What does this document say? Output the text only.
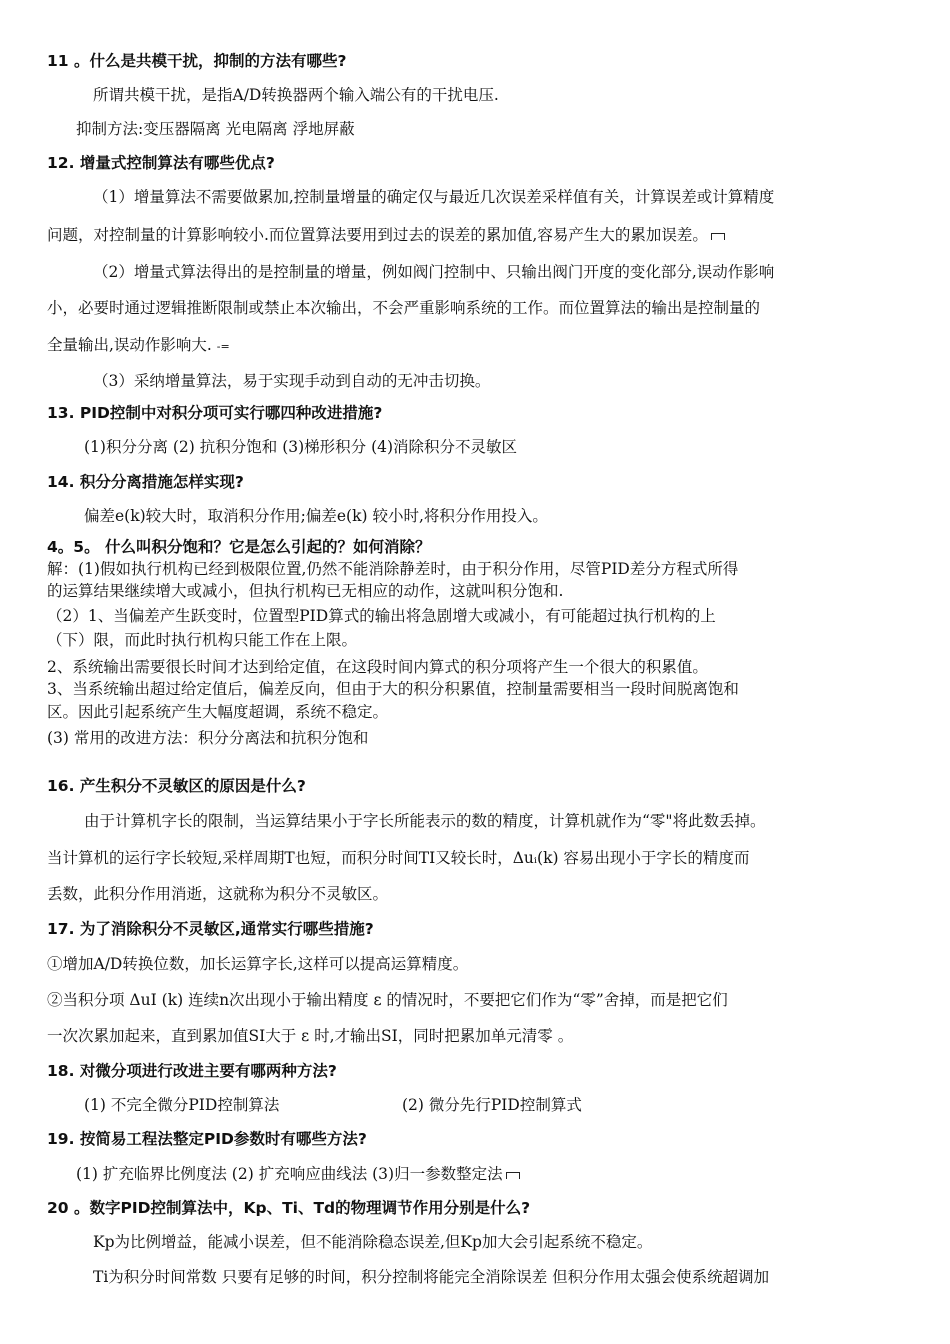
11 。什么是共模干扰，抑制的方法有哪些?
所谓共模干扰，是指A/D转换器两个输入端公有的干扰电压.
抑制方法:变压器隔离 光电隔离 浮地屏蔽
12. 增量式控制算法有哪些优点?
（1）增量算法不需要做累加,控制量增量的确定仅与最近几次误差采样值有关，计算误差或计算精度
问题，对控制量的计算影响较小.而位置算法要用到过去的误差的累加值,容易产生大的累加误差。
（2）增量式算法得出的是控制量的增量，例如阀门控制中、只输出阀门开度的变化部分,误动作影响
小，必要时通过逻辑推断限制或禁止本次输出，不会严重影响系统的工作。而位置算法的输出是控制量的
全量输出,误动作影响大. -=
（3）采纳增量算法，易于实现手动到自动的无冲击切换。
13. PID控制中对积分项可实行哪四种改进措施?
(1)积分分离 (2) 抗积分饱和 (3)梯形积分 (4)消除积分不灵敏区
14. 积分分离措施怎样实现?
偏差e(k)较大时，取消积分作用;偏差e(k) 较小时,将积分作用投入。
4。5。 什么叫积分饱和？它是怎么引起的？如何消除？
解：(1)假如执行机构已经到极限位置,仍然不能消除静差时，由于积分作用，尽管PID差分方程式所得
的运算结果继续增大或减小，但执行机构已无相应的动作，这就叫积分饱和.
（2）1、当偏差产生跃变时，位置型PID算式的输出将急剧增大或减小，有可能超过执行机构的上
（下）限，而此时执行机构只能工作在上限。
2、系统输出需要很长时间才达到给定值，在这段时间内算式的积分项将产生一个很大的积累值。
3、当系统输出超过给定值后，偏差反向，但由于大的积分积累值，控制量需要相当一段时间脱离饱和
区。因此引起系统产生大幅度超调，系统不稳定。
(3) 常用的改进方法：积分分离法和抗积分饱和
16. 产生积分不灵敏区的原因是什么?
由于计算机字长的限制，当运算结果小于字长所能表示的数的精度，计算机就作为“零"将此数丢掉。
当计算机的运行字长较短,采样周期T也短，而积分时间TI又较长时，Δuᵢ(k) 容易出现小于字长的精度而
丢数，此积分作用消逝，这就称为积分不灵敏区。
17. 为了消除积分不灵敏区,通常实行哪些措施?
①增加A/D转换位数，加长运算字长,这样可以提高运算精度。
②当积分项 ΔuI (k) 连续n次出现小于输出精度 ε 的情况时，不要把它们作为“零”舍掉，而是把它们
一次次累加起来，直到累加值SI大于 ε 时,才输出SI，同时把累加单元清零 。
18. 对微分项进行改进主要有哪两种方法?
(1) 不完全微分PID控制算法	(2) 微分先行PID控制算式
19. 按简易工程法整定PID参数时有哪些方法?
(1) 扩充临界比例度法 (2) 扩充响应曲线法 (3)归一参数整定法
20 。数字PID控制算法中，Kp、Ti、Td的物理调节作用分别是什么?
Kp为比例增益，能减小误差，但不能消除稳态误差,但Kp加大会引起系统不稳定。
Ti为积分时间常数 只要有足够的时间，积分控制将能完全消除误差 但积分作用太强会使系统超调加
